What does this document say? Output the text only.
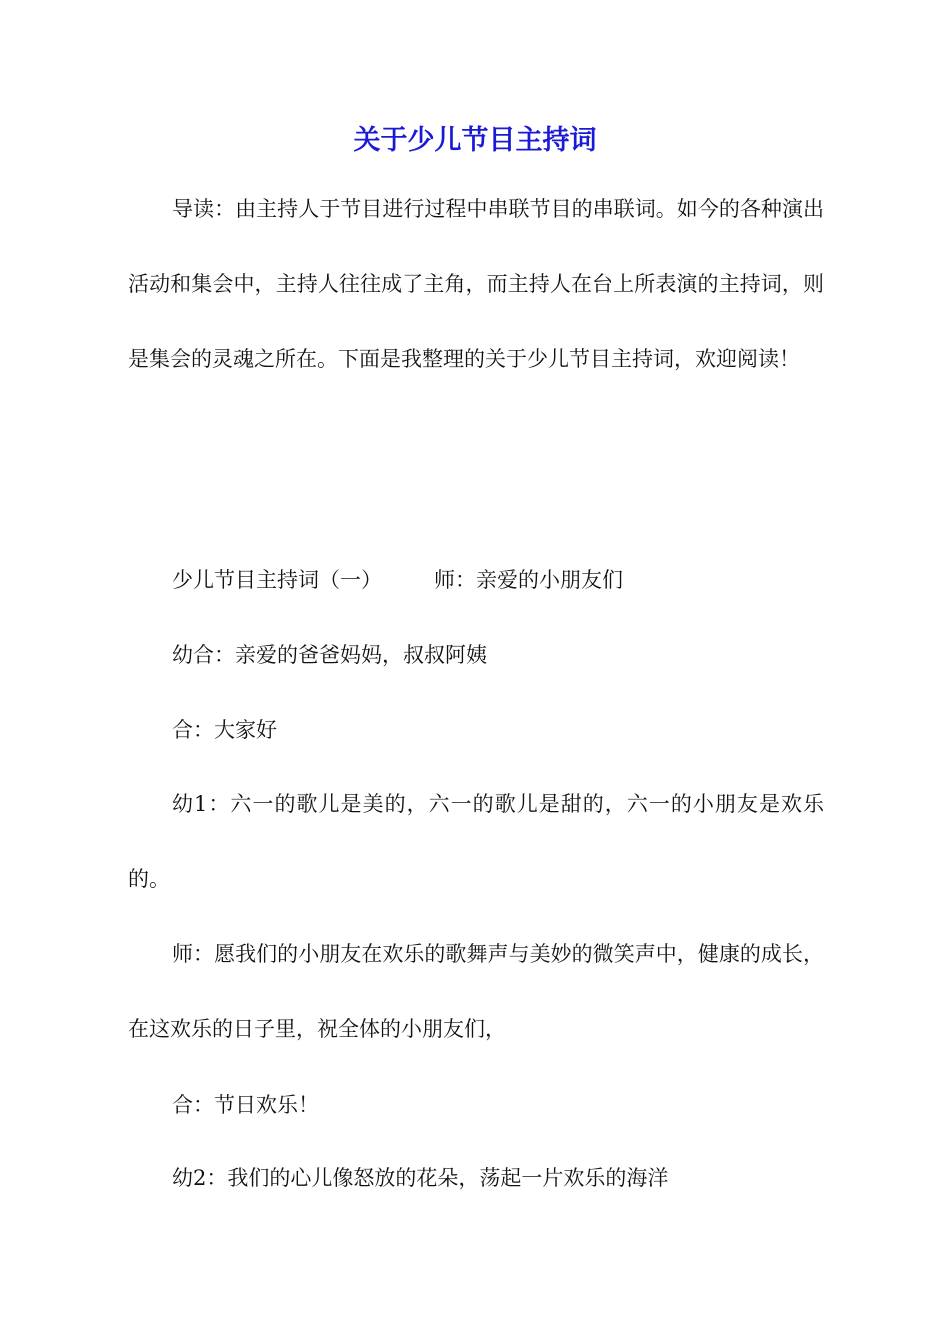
关于少儿节目主持词
导读：由主持人于节目进行过程中串联节目的串联词。如今的各种演出活动和集会中，主持人往往成了主角，而主持人在台上所表演的主持词，则是集会的灵魂之所在。下面是我整理的关于少儿节目主持词，欢迎阅读！
少儿节目主持词（一） 师：亲爱的小朋友们
幼合：亲爱的爸爸妈妈，叔叔阿姨
合：大家好
幼1：六一的歌儿是美的，六一的歌儿是甜的，六一的小朋友是欢乐的。
师：愿我们的小朋友在欢乐的歌舞声与美妙的微笑声中，健康的成长，在这欢乐的日子里，祝全体的小朋友们，
合：节日欢乐！
幼2：我们的心儿像怒放的花朵，荡起一片欢乐的海洋
